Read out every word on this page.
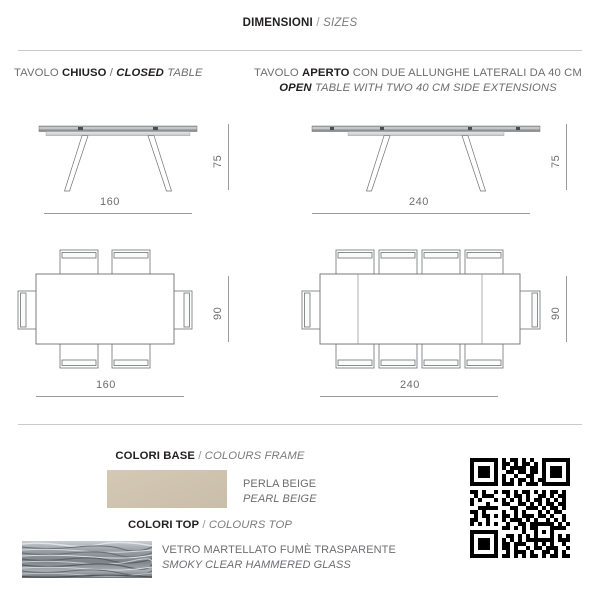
DIMENSIONI / SIZES
TAVOLO CHIUSO / CLOSED TABLE	TAVOLO APERTO CON DUE ALLUNGHE LATERALI DA 40 CM
OPEN TABLE WITH TWO 40 CM SIDE EXTENSIONS
75
160
75
240
90
160
90
240
COLORI BASE / COLOURS FRAME
PERLA BEIGE
PEARL BEIGE
COLORI TOP / COLOURS TOP
VETRO MARTELLATO FUMÈ TRASPARENTE
SMOKY CLEAR HAMMERED GLASS
